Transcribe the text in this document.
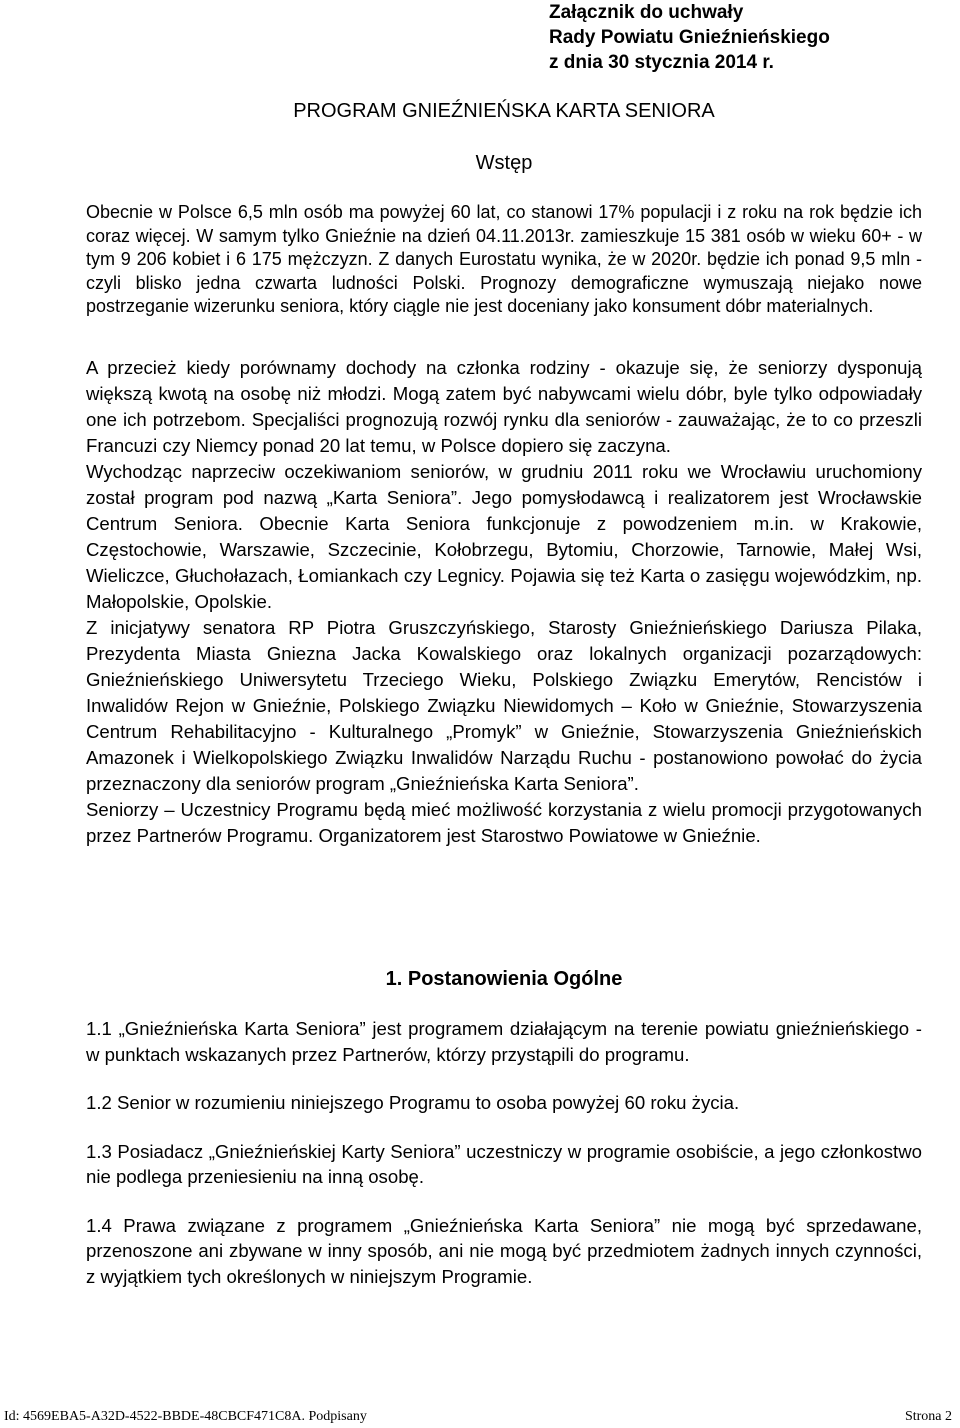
Załącznik do uchwały
Rady Powiatu Gnieźnieńskiego
z dnia 30 stycznia 2014 r.
PROGRAM GNIEŹNIEŃSKA KARTA SENIORA
Wstęp

Obecnie w Polsce 6,5 mln osób ma powyżej 60 lat, co stanowi 17% populacji i z roku na rok będzie ich coraz więcej. W samym tylko Gnieźnie na dzień 04.11.2013r. zamieszkuje 15 381 osób w wieku 60+ - w tym 9 206 kobiet i 6 175 mężczyzn. Z danych Eurostatu wynika, że w 2020r. będzie ich ponad 9,5 mln - czyli blisko jedna czwarta ludności Polski. Prognozy demograficzne wymuszają niejako nowe postrzeganie wizerunku seniora, który ciągle nie jest doceniany jako konsument dóbr materialnych.

A przecież kiedy porównamy dochody na członka rodziny - okazuje się, że seniorzy dysponują większą kwotą na osobę niż młodzi. Mogą zatem być nabywcami wielu dóbr, byle tylko odpowiadały one ich potrzebom. Specjaliści prognozują rozwój rynku dla seniorów - zauważając, że to co przeszli Francuzi czy Niemcy ponad 20 lat temu, w Polsce dopiero się zaczyna.

Wychodząc naprzeciw oczekiwaniom seniorów, w grudniu 2011 roku we Wrocławiu uruchomiony został program pod nazwą „Karta Seniora”. Jego pomysłodawcą i realizatorem jest Wrocławskie Centrum Seniora. Obecnie Karta Seniora funkcjonuje z powodzeniem m.in. w Krakowie, Częstochowie, Warszawie, Szczecinie, Kołobrzegu, Bytomiu, Chorzowie, Tarnowie, Małej Wsi, Wieliczce, Głuchołazach, Łomiankach czy Legnicy. Pojawia się też Karta o zasięgu wojewódzkim, np. Małopolskie, Opolskie.

Z inicjatywy senatora RP Piotra Gruszczyńskiego, Starosty Gnieźnieńskiego Dariusza Pilaka, Prezydenta Miasta Gniezna Jacka Kowalskiego oraz lokalnych organizacji pozarządowych: Gnieźnieńskiego Uniwersytetu Trzeciego Wieku, Polskiego Związku Emerytów, Rencistów i Inwalidów Rejon w Gnieźnie, Polskiego Związku Niewidomych – Koło w Gnieźnie, Stowarzyszenia Centrum Rehabilitacyjno - Kulturalnego „Promyk” w Gnieźnie, Stowarzyszenia Gnieźnieńskich Amazonek i Wielkopolskiego Związku Inwalidów Narządu Ruchu - postanowiono powołać do życia przeznaczony dla seniorów program „Gnieźnieńska Karta Seniora”.

Seniorzy – Uczestnicy Programu będą mieć możliwość korzystania z wielu promocji przygotowanych przez Partnerów Programu. Organizatorem jest Starostwo Powiatowe w Gnieźnie.

1. Postanowienia Ogólne

1.1 „Gnieźnieńska Karta Seniora” jest programem działającym na terenie powiatu gnieźnieńskiego - w punktach wskazanych przez Partnerów, którzy przystąpili do programu.

1.2 Senior w rozumieniu niniejszego Programu to osoba powyżej 60 roku życia.

1.3 Posiadacz „Gnieźnieńskiej Karty Seniora” uczestniczy w programie osobiście, a jego członkostwo nie podlega przeniesieniu na inną osobę.

1.4 Prawa związane z programem „Gnieźnieńska Karta Seniora” nie mogą być sprzedawane, przenoszone ani zbywane w inny sposób, ani nie mogą być przedmiotem żadnych innych czynności, z wyjątkiem tych określonych w niniejszym Programie.

Id: 4569EBA5-A32D-4522-BBDE-48CBCF471C8A. Podpisany	Strona 2
